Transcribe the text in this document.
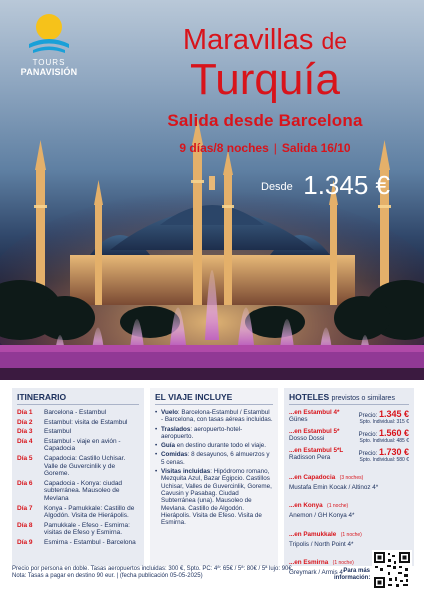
TOURS
PANAVISIÓN
Maravillas de
Turquía
Salida desde Barcelona
9 días/8 noches | Salida 16/10
$^{Desde}$ 1.345 €
ITINERARIO
Día 1	Barcelona - Estambul
Día 2	Estambul: visita de Estambul
Día 3	Estambul
Día 4	Estambul - viaje en avión - Capadocia
Día 5	Capadocia: Castillo Uchisar. Valle de Guvercinlik y de Goreme.
Día 6	Capadocia - Konya: ciudad subterránea. Mausoleo de Mevlana
Día 7	Konya - Pamukkale: Castillo de Algodón. Visita de Hierápolis.
Día 8	Pamukkale - Efeso - Esmirna: visitas de Efeso y Esmirna.
Día 9	Esmirna - Estambul - Barcelona
EL VIAJE INCLUYE
• Vuelo: Barcelona-Estambul / Estambul - Barcelona, con tasas aéreas incluidas.
• Traslados: aeropuerto-hotel-aeropuerto.
• Guía en destino durante todo el viaje.
• Comidas: 8 desayunos, 6 almuerzos y 5 cenas.
• Visitas incluidas: Hipódromo romano, Mezquita Azul, Bazar Egipcio. Castillos Uchisar, Valles de Guvercinlik, Goreme, Cavusin y Pasabag. Ciudad Subterránea (una). Mausoleo de Mevlana. Castillo de Algodón. Hierápolis. Visita de Efeso. Visita de Esmirna.
HOTELES previstos o similares
...en Estambul 4*
Günes	Precio: 1.345 €
Spto. Individual: 315 €
...en Estambul 5*
Dosso Dossi	Precio: 1.560 €
Spto. Individual: 485 €
...en Estambul 5*L
Radisson Pera	Precio: 1.730 €
Spto. Individual: 580 €
...en Capadocia (3 noches)
Mustafa Emin Kocak / Altinoz 4*
...en Konya (1 noche)
Anemon / GH Konya 4*
...en Pamukkale (1 noche)
Tripolis / North Point 4*
...en Esmirna (1 noche)
Greymark / Armis 4*
Precio por persona en doble. Tasas aeropuertos incluidas: 300 €, Spto. PC: 4ª: 65€ / 5ª: 80€ / 5ª lujo: 90€. Nota: Tasas a pagar en destino 90 eur. | (fecha publicación 05-05-2025)
Para más información:
